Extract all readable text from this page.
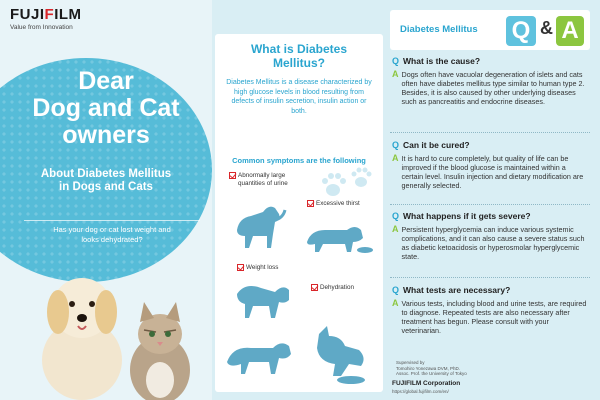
FUJIFILM
Value from Innovation
Dear
Dog and Cat
owners
About Diabetes Mellitus
in Dogs and Cats
Has your dog or cat lost weight and
looks dehydrated?
What is Diabetes
Mellitus?
Diabetes Mellitus is a disease characterized by high glucose levels in blood resulting from defects of insulin secretion, insulin action or both.
Common symptoms are the following
Abnormally large
quantities of urine
Excessive thirst
Weight loss
Dehydration
Diabetes Mellitus Q & A
Q What is the cause?
A Dogs often have vacuolar degeneration of islets and cats often have diabetes mellitus type similar to human type 2. Besides, it is also caused by other underlying diseases such as pancreatitis and endocrine diseases.
Q Can it be cured?
A It is hard to cure completely, but quality of life can be improved if the blood glucose is maintained within a certain level. Insulin injection and dietary modification are generally selected.
Q What happens if it gets severe?
A Persistent hyperglycemia can induce various systemic complications, and it can also cause a severe status such as diabetic ketoacidosis or hyperosmolar hyperglycemic state.
Q What tests are necessary?
A Various tests, including blood and urine tests, are required to diagnose. Repeated tests are also necessary after treatment has begun. Please consult with your veterinarian.
Supervised by
Tomohiro Yonezawa DVM, PhD.
Assoc. Prof. the University of Tokyo
FUJIFILM Corporation
https://global.fujifilm.com/en/
